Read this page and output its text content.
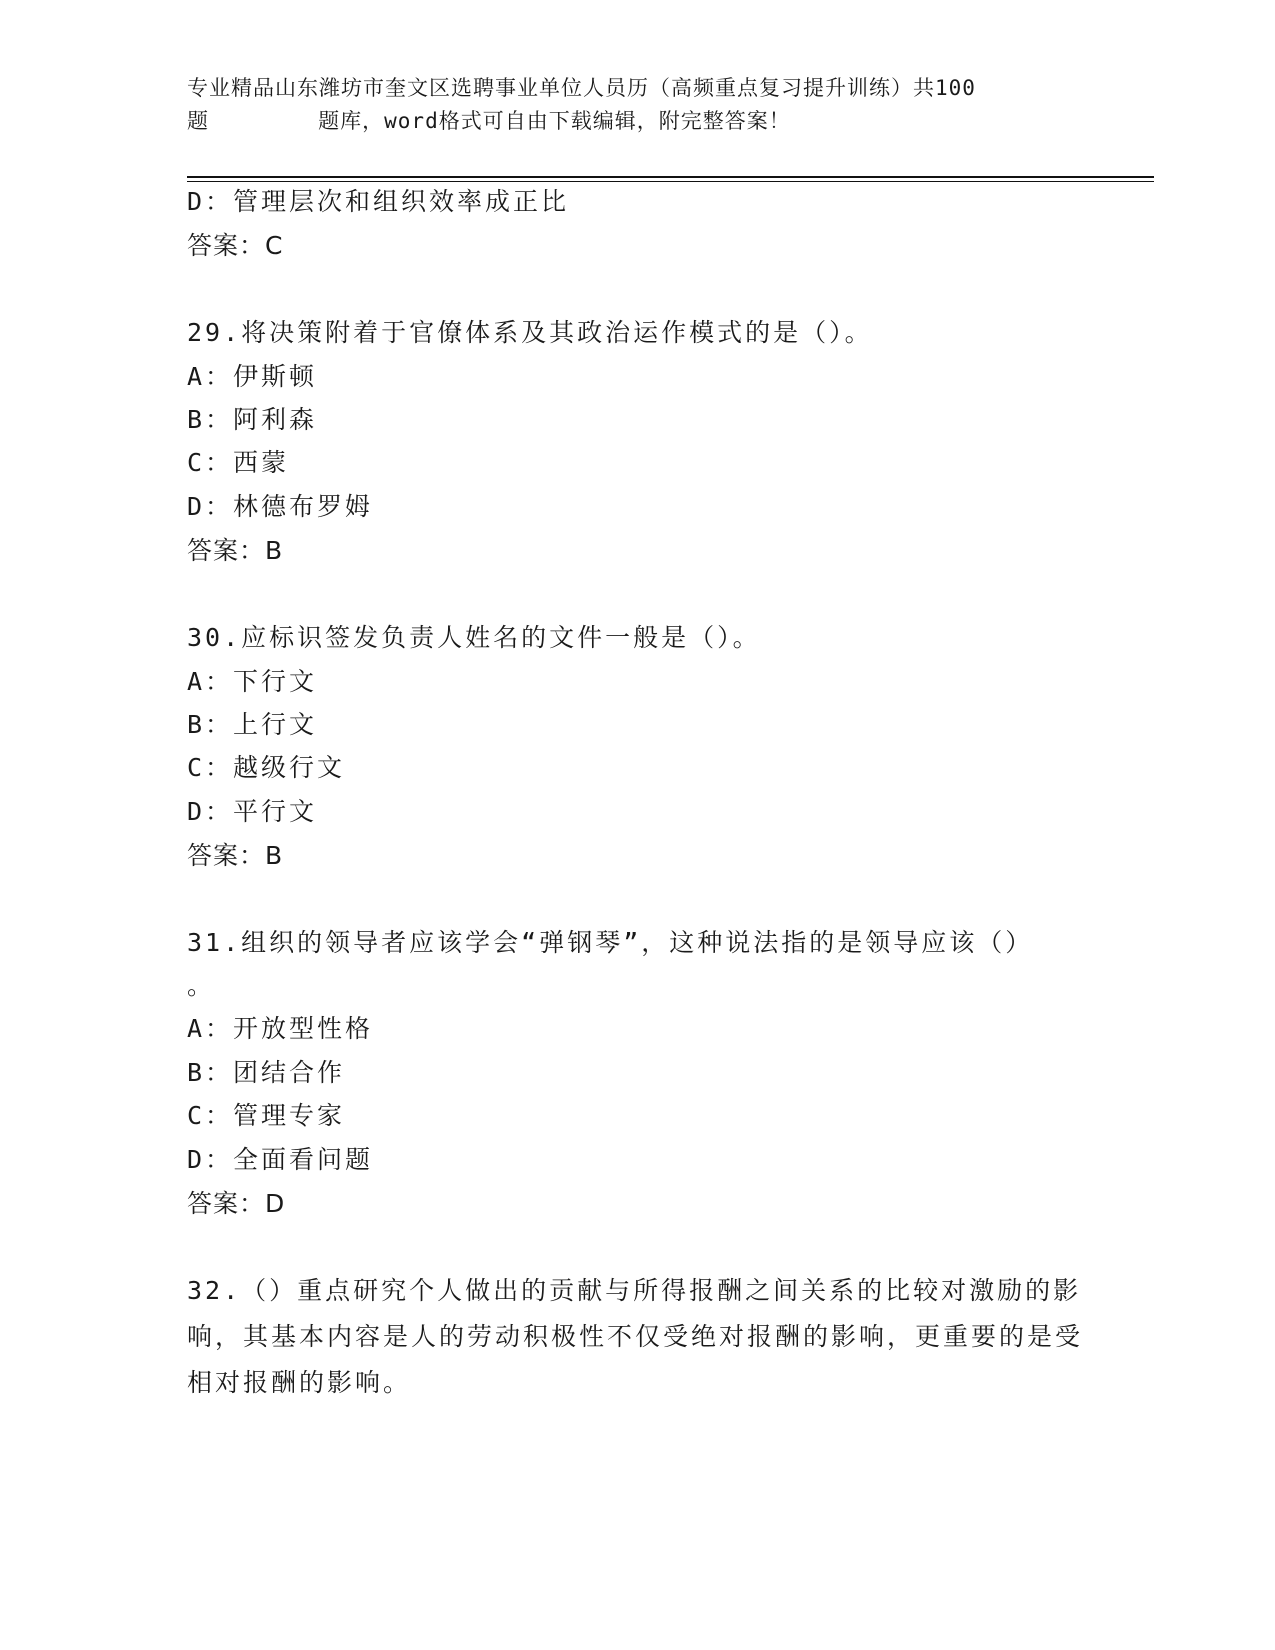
专业精品山东潍坊市奎文区选聘事业单位人员历（高频重点复习提升训练）共100

题        题库，word格式可自由下载编辑，附完整答案！
D：管理层次和组织效率成正比
答案：C
29.将决策附着于官僚体系及其政治运作模式的是（）。
A：伊斯顿
B：阿利森
C：西蒙
D：林德布罗姆
答案：B
30.应标识签发负责人姓名的文件一般是（）。
A：下行文
B：上行文
C：越级行文
D：平行文
答案：B
31.组织的领导者应该学会“弹钢琴”，这种说法指的是领导应该（）
。
A：开放型性格
B：团结合作
C：管理专家
D：全面看问题
答案：D
32.（）重点研究个人做出的贡献与所得报酬之间关系的比较对激励的影响，其基本内容是人的劳动积极性不仅受绝对报酬的影响，更重要的是受相对报酬的影响。
